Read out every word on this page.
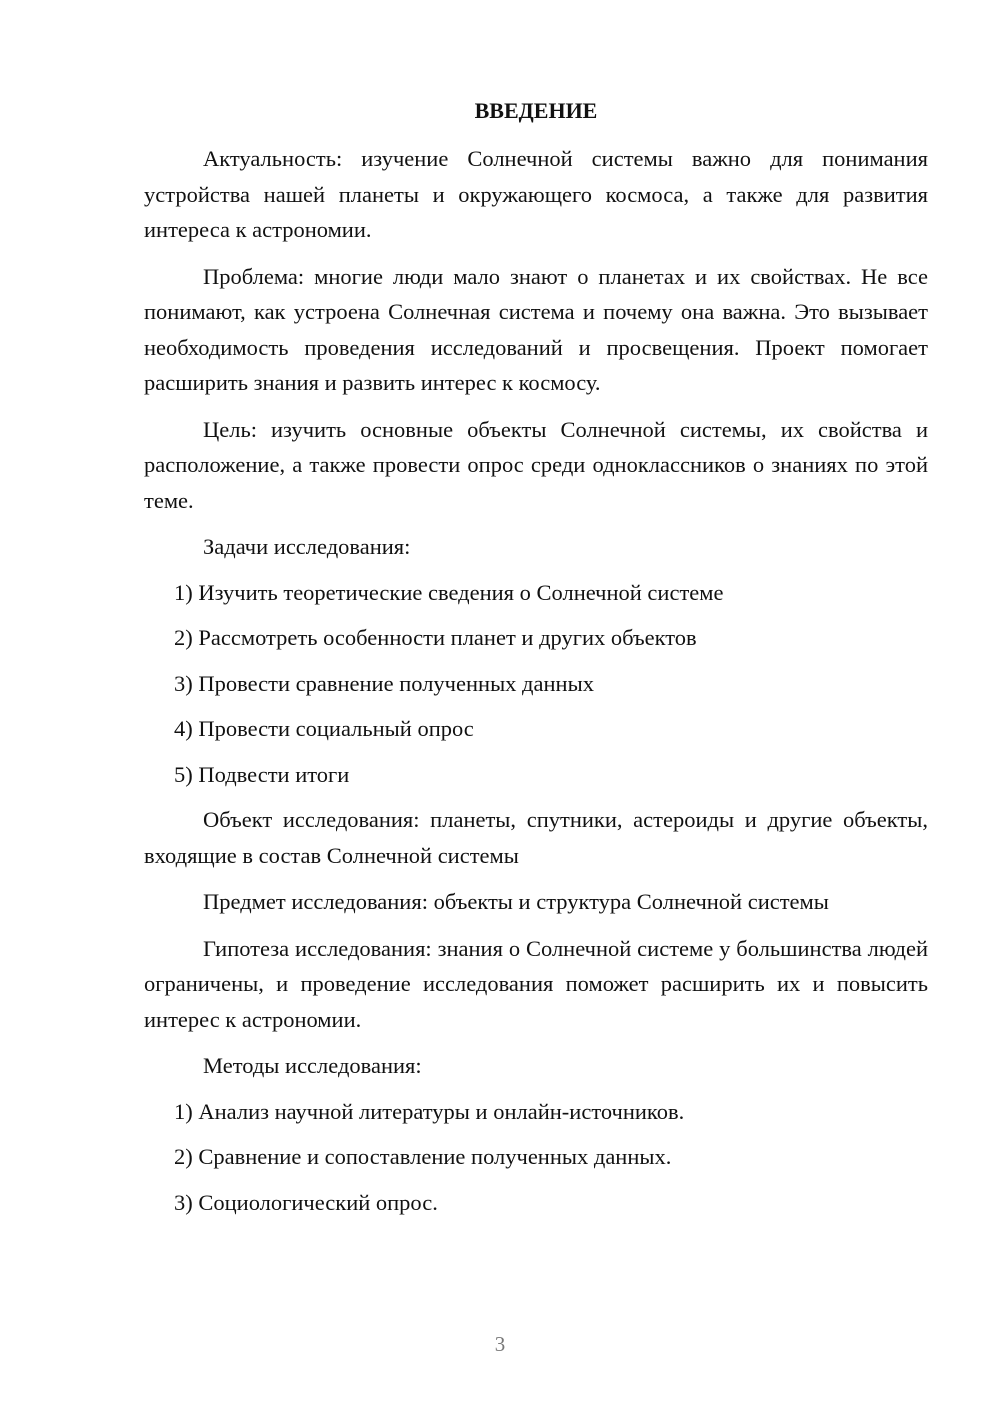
ВВЕДЕНИЕ

Актуальность: изучение Солнечной системы важно для понимания устройства нашей планеты и окружающего космоса, а также для развития интереса к астрономии.

Проблема: многие люди мало знают о планетах и их свойствах. Не все понимают, как устроена Солнечная система и почему она важна. Это вызывает необходимость проведения исследований и просвещения. Проект помогает расширить знания и развить интерес к космосу.

Цель: изучить основные объекты Солнечной системы, их свойства и расположение, а также провести опрос среди одноклассников о знаниях по этой теме.

Задачи исследования:

1) Изучить теоретические сведения о Солнечной системе
2) Рассмотреть особенности планет и других объектов
3) Провести сравнение полученных данных
4) Провести социальный опрос
5) Подвести итоги

Объект исследования: планеты, спутники, астероиды и другие объекты, входящие в состав Солнечной системы

Предмет исследования: объекты и структура Солнечной системы

Гипотеза исследования: знания о Солнечной системе у большинства людей ограничены, и проведение исследования поможет расширить их и повысить интерес к астрономии.

Методы исследования:

1) Анализ научной литературы и онлайн-источников.
2) Сравнение и сопоставление полученных данных.
3) Социологический опрос.
3
